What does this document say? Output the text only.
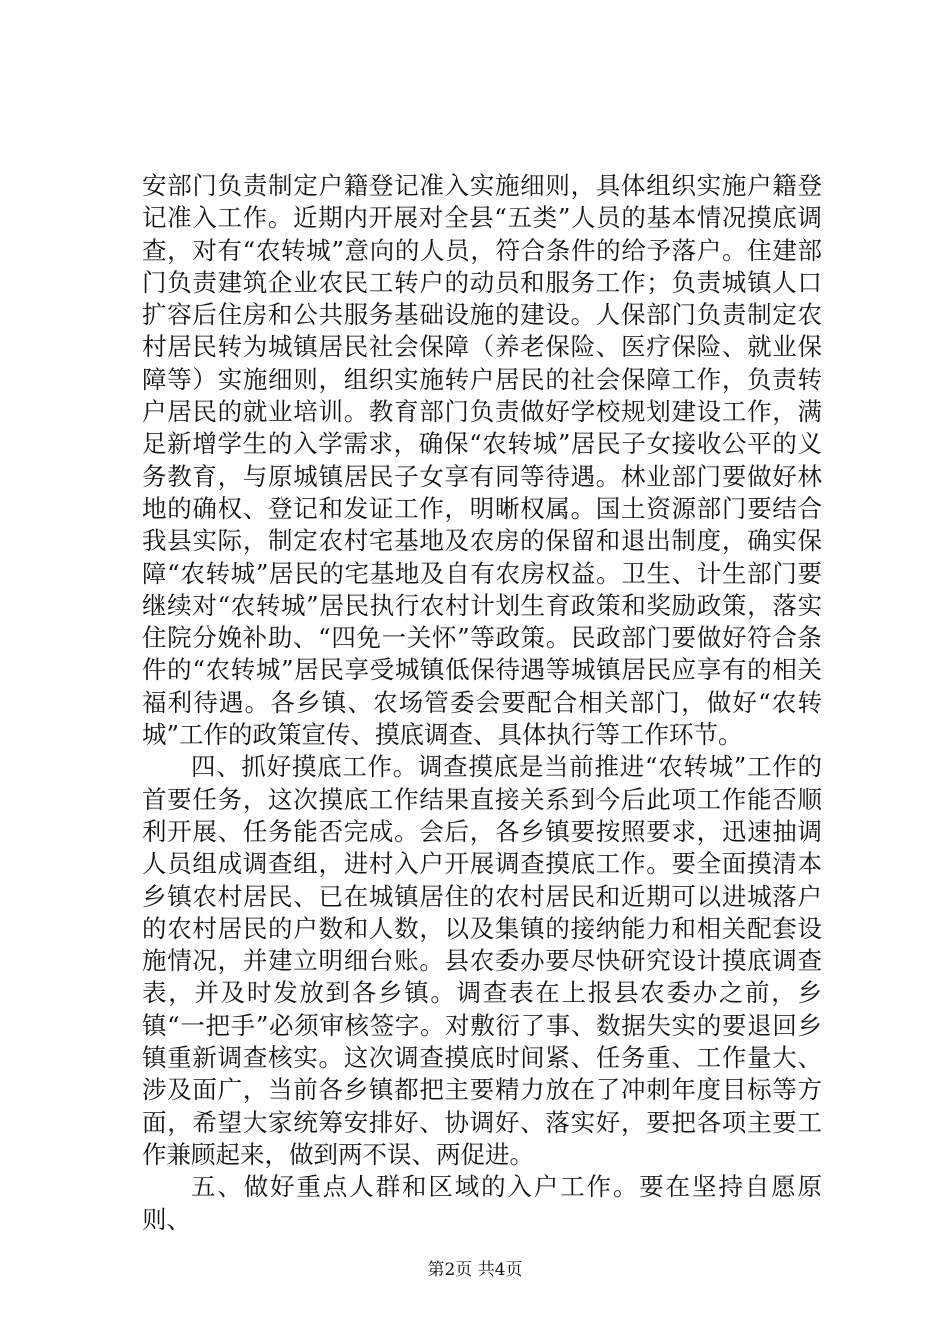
安部门负责制定户籍登记准入实施细则，具体组织实施户籍登记准入工作。近期内开展对全县“五类”人员的基本情况摸底调查，对有“农转城”意向的人员，符合条件的给予落户。住建部门负责建筑企业农民工转户的动员和服务工作；负责城镇人口扩容后住房和公共服务基础设施的建设。人保部门负责制定农村居民转为城镇居民社会保障（养老保险、医疗保险、就业保障等）实施细则，组织实施转户居民的社会保障工作，负责转户居民的就业培训。教育部门负责做好学校规划建设工作，满足新增学生的入学需求，确保“农转城”居民子女接收公平的义务教育，与原城镇居民子女享有同等待遇。林业部门要做好林地的确权、登记和发证工作，明晰权属。国土资源部门要结合我县实际，制定农村宅基地及农房的保留和退出制度，确实保障“农转城”居民的宅基地及自有农房权益。卫生、计生部门要继续对“农转城”居民执行农村计划生育政策和奖励政策，落实住院分娩补助、“四免一关怀”等政策。民政部门要做好符合条件的“农转城”居民享受城镇低保待遇等城镇居民应享有的相关福利待遇。各乡镇、农场管委会要配合相关部门，做好“农转城”工作的政策宣传、摸底调查、具体执行等工作环节。

四、抓好摸底工作。调查摸底是当前推进“农转城”工作的首要任务，这次摸底工作结果直接关系到今后此项工作能否顺利开展、任务能否完成。会后，各乡镇要按照要求，迅速抽调人员组成调查组，进村入户开展调查摸底工作。要全面摸清本乡镇农村居民、已在城镇居住的农村居民和近期可以进城落户的农村居民的户数和人数，以及集镇的接纳能力和相关配套设施情况，并建立明细台账。县农委办要尽快研究设计摸底调查表，并及时发放到各乡镇。调查表在上报县农委办之前，乡镇“一把手”必须审核签字。对敷衍了事、数据失实的要退回乡镇重新调查核实。这次调查摸底时间紧、任务重、工作量大、涉及面广，当前各乡镇都把主要精力放在了冲刺年度目标等方面，希望大家统筹安排好、协调好、落实好，要把各项主要工作兼顾起来，做到两不误、两促进。

五、做好重点人群和区域的入户工作。要在坚持自愿原则、

第2页 共4页
